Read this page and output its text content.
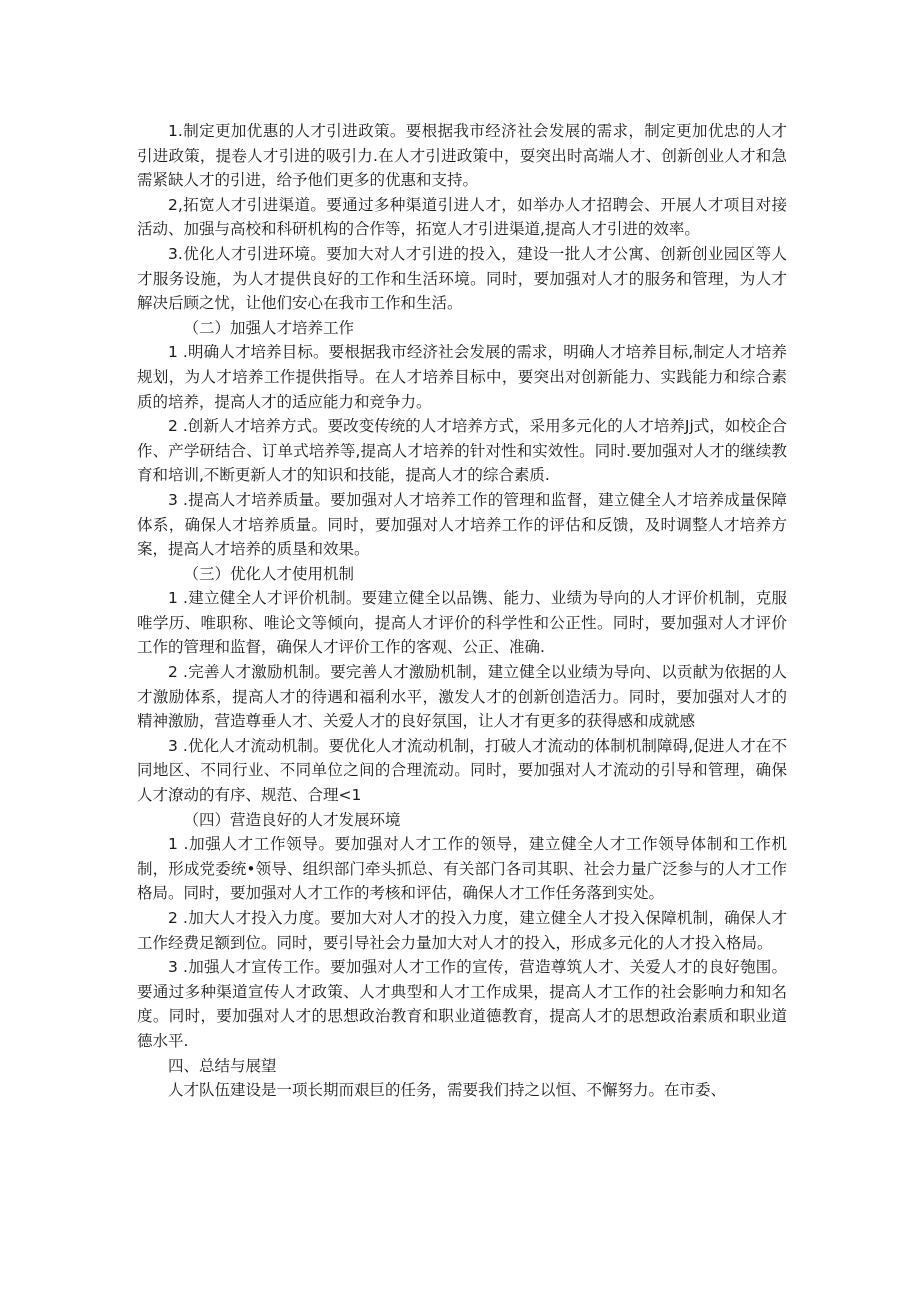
1.制定更加优惠的人才引进政策。要根据我市经济社会发展的需求，制定更加优忠的人才引进政策，提卷人才引进的吸引力.在人才引进政策中，耍突出时高端人才、创新创业人才和急需紧缺人才的引进，给予他们更多的优惠和支持。

2,拓宽人才引进渠道。要通过多种渠道引进人才，如举办人才招聘会、开展人才项目对接活动、加强与高校和科研机构的合作等，拓宽人才引进渠道,提高人才引进的效率。

3.优化人才引进环境。要加大对人才引进的投入，建设一批人才公寓、创新创业园区等人才服务设施，为人才提供良好的工作和生活环境。同时，要加强对人才的服务和管理，为人才解决后顾之忧，让他们安心在我市工作和生活。

（二）加强人才培养工作

1 .明确人才培养目标。要根据我市经济社会发展的需求，明确人才培养目标,制定人才培养规划，为人才培养工作提供指导。在人才培养目标中，要突出对创新能力、实践能力和综合素质的培养，提高人才的适应能力和竞争力。

2 .创新人才培养方式。要改变传统的人才培养方式，采用多元化的人才培养Jj式，如校企合作、产学研结合、订单式培养等,提高人才培养的针对性和实效性。同时.要加强对人才的继续教育和培训,不断更新人才的知识和技能，提高人才的综合素质.

3 .提高人才培养质量。要加强对人才培养工作的管理和监督，建立健全人才培养成量保障体系，确保人才培养质量。同时，要加强对人才培养工作的评估和反馈，及时调整人才培养方案，提高人才培养的质垦和效果。

（三）优化人才使用机制

1 .建立健全人才评价机制。要建立健全以品镌、能力、业绩为导向的人才评价机制，克服唯学历、唯职称、唯论文等倾向，提高人才评价的科学性和公正性。同时，要加强对人才评价工作的管理和监督，确保人才评价工作的客观、公正、准确.

2 .完善人才激励机制。要完善人才激励机制，建立健全以业绩为导向、以贡献为依据的人才激励体系，提高人才的待遇和福利水平，激发人才的创新创造活力。同时，要加强对人才的精神激励，营造尊垂人才、关爱人才的良好氛国，让人才有更多的获得感和成就感

3 .优化人才流动机制。要优化人才流动机制，打破人才流动的体制机制障碍,促进人才在不同地区、不同行业、不同单位之间的合理流动。同时，要加强对人才流动的引导和管理，确保人才潦动的有序、规范、合理<1

（四）营造良好的人才发展环境

1 .加强人才工作领导。要加强对人才工作的领导，建立健全人才工作领导体制和工作机制，形成党委统•领导、组织部门牵头抓总、有关部门各司其职、社会力量广泛参与的人才工作格局。同时，要加强对人才工作的考核和评估，确保人才工作任务落到实处。

2 .加大人才投入力度。要加大对人才的投入力度，建立健全人才投入保障机制，确保人才工作经费足额到位。同时，要引导社会力量加大对人才的投入，形成多元化的人才投入格局。

3 .加强人才宣传工作。要加强对人才工作的宣传，营造尊筑人才、关爱人才的良好匏围。要通过多种渠道宣传人才政策、人才典型和人才工作成果，提高人才工作的社会影响力和知名度。同时，要加强对人才的思想政治教育和职业道德教育，提高人才的思想政治素质和职业道德水平.

四、总结与展望

人才队伍建设是一项长期而艰巨的任务，需要我们持之以恒、不懈努力。在市委、
